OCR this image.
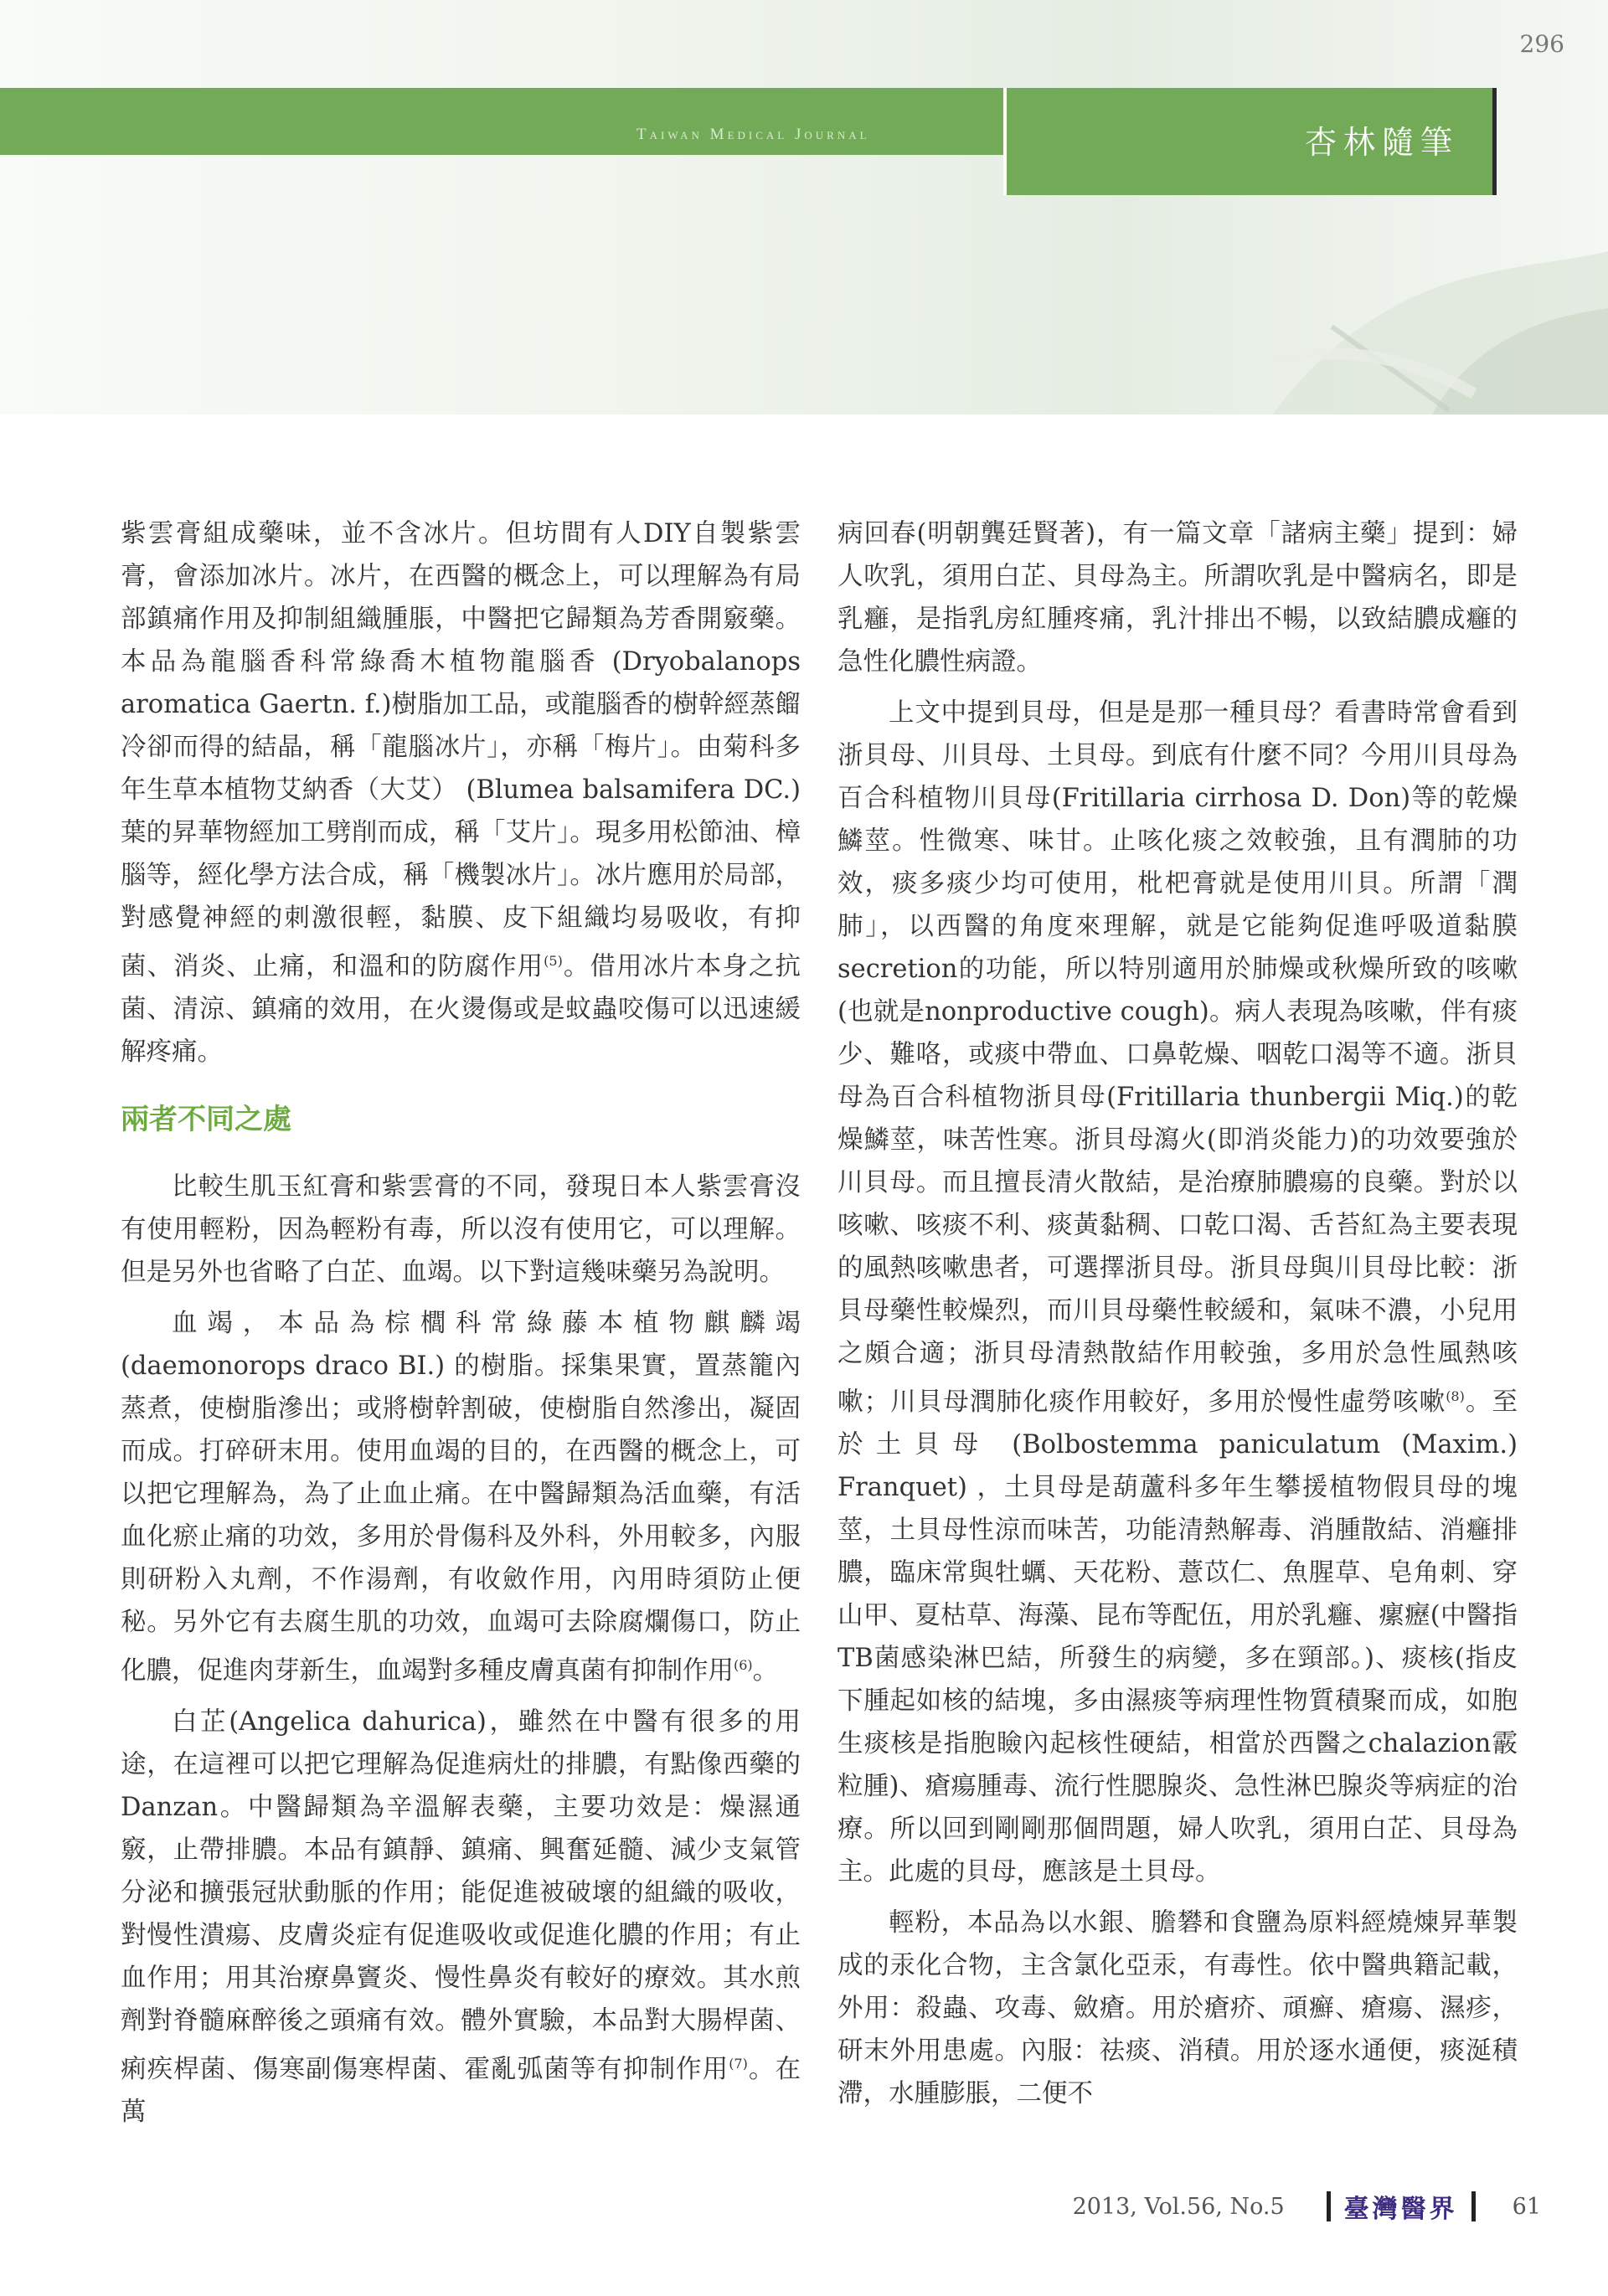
296
Taiwan Medical Journal	杏林隨筆

紫雲膏組成藥味，並不含冰片。但坊間有人DIY自製紫雲膏，會添加冰片。冰片，在西醫的概念上，可以理解為有局部鎮痛作用及抑制組織腫脹，中醫把它歸類為芳香開竅藥。本品為龍腦香科常綠喬木植物龍腦香 (Dryobalanops aromatica Gaertn. f.)樹脂加工品，或龍腦香的樹幹經蒸餾冷卻而得的結晶，稱「龍腦冰片」，亦稱「梅片」。由菊科多年生草本植物艾納香（大艾） (Blumea balsamifera DC.)葉的昇華物經加工劈削而成，稱「艾片」。現多用松節油、樟腦等，經化學方法合成，稱「機製冰片」。冰片應用於局部，對感覺神經的刺激很輕，黏膜、皮下組織均易吸收，有抑菌、消炎、止痛，和溫和的防腐作用$^{(5)}$。借用冰片本身之抗菌、清涼、鎮痛的效用，在火燙傷或是蚊蟲咬傷可以迅速緩解疼痛。

兩者不同之處

比較生肌玉紅膏和紫雲膏的不同，發現日本人紫雲膏沒有使用輕粉，因為輕粉有毒，所以沒有使用它，可以理解。但是另外也省略了白芷、血竭。以下對這幾味藥另為說明。

血竭，本品為棕櫚科常綠藤本植物麒麟竭 (daemonorops draco BI.) 的樹脂。採集果實，置蒸籠內蒸煮，使樹脂滲出；或將樹幹割破，使樹脂自然滲出，凝固而成。打碎研末用。使用血竭的目的，在西醫的概念上，可以把它理解為，為了止血止痛。在中醫歸類為活血藥，有活血化瘀止痛的功效，多用於骨傷科及外科，外用較多，內服則研粉入丸劑，不作湯劑，有收斂作用，內用時須防止便秘。另外它有去腐生肌的功效，血竭可去除腐爛傷口，防止化膿，促進肉芽新生，血竭對多種皮膚真菌有抑制作用$^{(6)}$。

白芷(Angelica dahurica)，雖然在中醫有很多的用途，在這裡可以把它理解為促進病灶的排膿，有點像西藥的Danzan。中醫歸類為辛溫解表藥，主要功效是：燥濕通竅，止帶排膿。本品有鎮靜、鎮痛、興奮延髓、減少支氣管分泌和擴張冠狀動脈的作用；能促進被破壞的組織的吸收，對慢性潰瘍、皮膚炎症有促進吸收或促進化膿的作用；有止血作用；用其治療鼻竇炎、慢性鼻炎有較好的療效。其水煎劑對脊髓麻醉後之頭痛有效。體外實驗，本品對大腸桿菌、痢疾桿菌、傷寒副傷寒桿菌、霍亂弧菌等有抑制作用$^{(7)}$。在萬

病回春(明朝龔廷賢著)，有一篇文章「諸病主藥」提到：婦人吹乳，須用白芷、貝母為主。所謂吹乳是中醫病名，即是乳癰，是指乳房紅腫疼痛，乳汁排出不暢，以致結膿成癰的急性化膿性病證。

上文中提到貝母，但是是那一種貝母？看書時常會看到浙貝母、川貝母、土貝母。到底有什麼不同？今用川貝母為百合科植物川貝母(Fritillaria cirrhosa D. Don)等的乾燥鱗莖。性微寒、味甘。止咳化痰之效較強，且有潤肺的功效，痰多痰少均可使用，枇杷膏就是使用川貝。所謂「潤肺」，以西醫的角度來理解，就是它能夠促進呼吸道黏膜secretion的功能，所以特別適用於肺燥或秋燥所致的咳嗽(也就是nonproductive cough)。病人表現為咳嗽，伴有痰少、難咯，或痰中帶血、口鼻乾燥、咽乾口渴等不適。浙貝母為百合科植物浙貝母(Fritillaria thunbergii Miq.)的乾燥鱗莖，味苦性寒。浙貝母瀉火(即消炎能力)的功效要強於川貝母。而且擅長清火散結，是治療肺膿瘍的良藥。對於以咳嗽、咳痰不利、痰黃黏稠、口乾口渴、舌苔紅為主要表現的風熱咳嗽患者，可選擇浙貝母。浙貝母與川貝母比較：浙貝母藥性較燥烈，而川貝母藥性較緩和，氣味不濃，小兒用之頗合適；浙貝母清熱散結作用較強，多用於急性風熱咳嗽；川貝母潤肺化痰作用較好，多用於慢性虛勞咳嗽$^{(8)}$。至於土貝母 (Bolbostemma paniculatum (Maxim.) Franquet) ，土貝母是葫蘆科多年生攀援植物假貝母的塊莖，土貝母性涼而味苦，功能清熱解毒、消腫散結、消癰排膿，臨床常與牡蠣、天花粉、薏苡仁、魚腥草、皂角刺、穿山甲、夏枯草、海藻、昆布等配伍，用於乳癰、瘰癧(中醫指TB菌感染淋巴結，所發生的病變，多在頸部。)、痰核(指皮下腫起如核的結塊，多由濕痰等病理性物質積聚而成，如胞生痰核是指胞瞼內起核性硬結，相當於西醫之chalazion霰粒腫)、瘡瘍腫毒、流行性腮腺炎、急性淋巴腺炎等病症的治療。所以回到剛剛那個問題，婦人吹乳，須用白芷、貝母為主。此處的貝母，應該是土貝母。

輕粉，本品為以水銀、膽礬和食鹽為原料經燒煉昇華製成的汞化合物，主含氯化亞汞，有毒性。依中醫典籍記載，外用：殺蟲、攻毒、斂瘡。用於瘡疥、頑癬、瘡瘍、濕疹，研末外用患處。內服：祛痰、消積。用於逐水通便，痰涎積滯，水腫膨脹，二便不

2013, Vol.56, No.5 臺灣醫界 61
